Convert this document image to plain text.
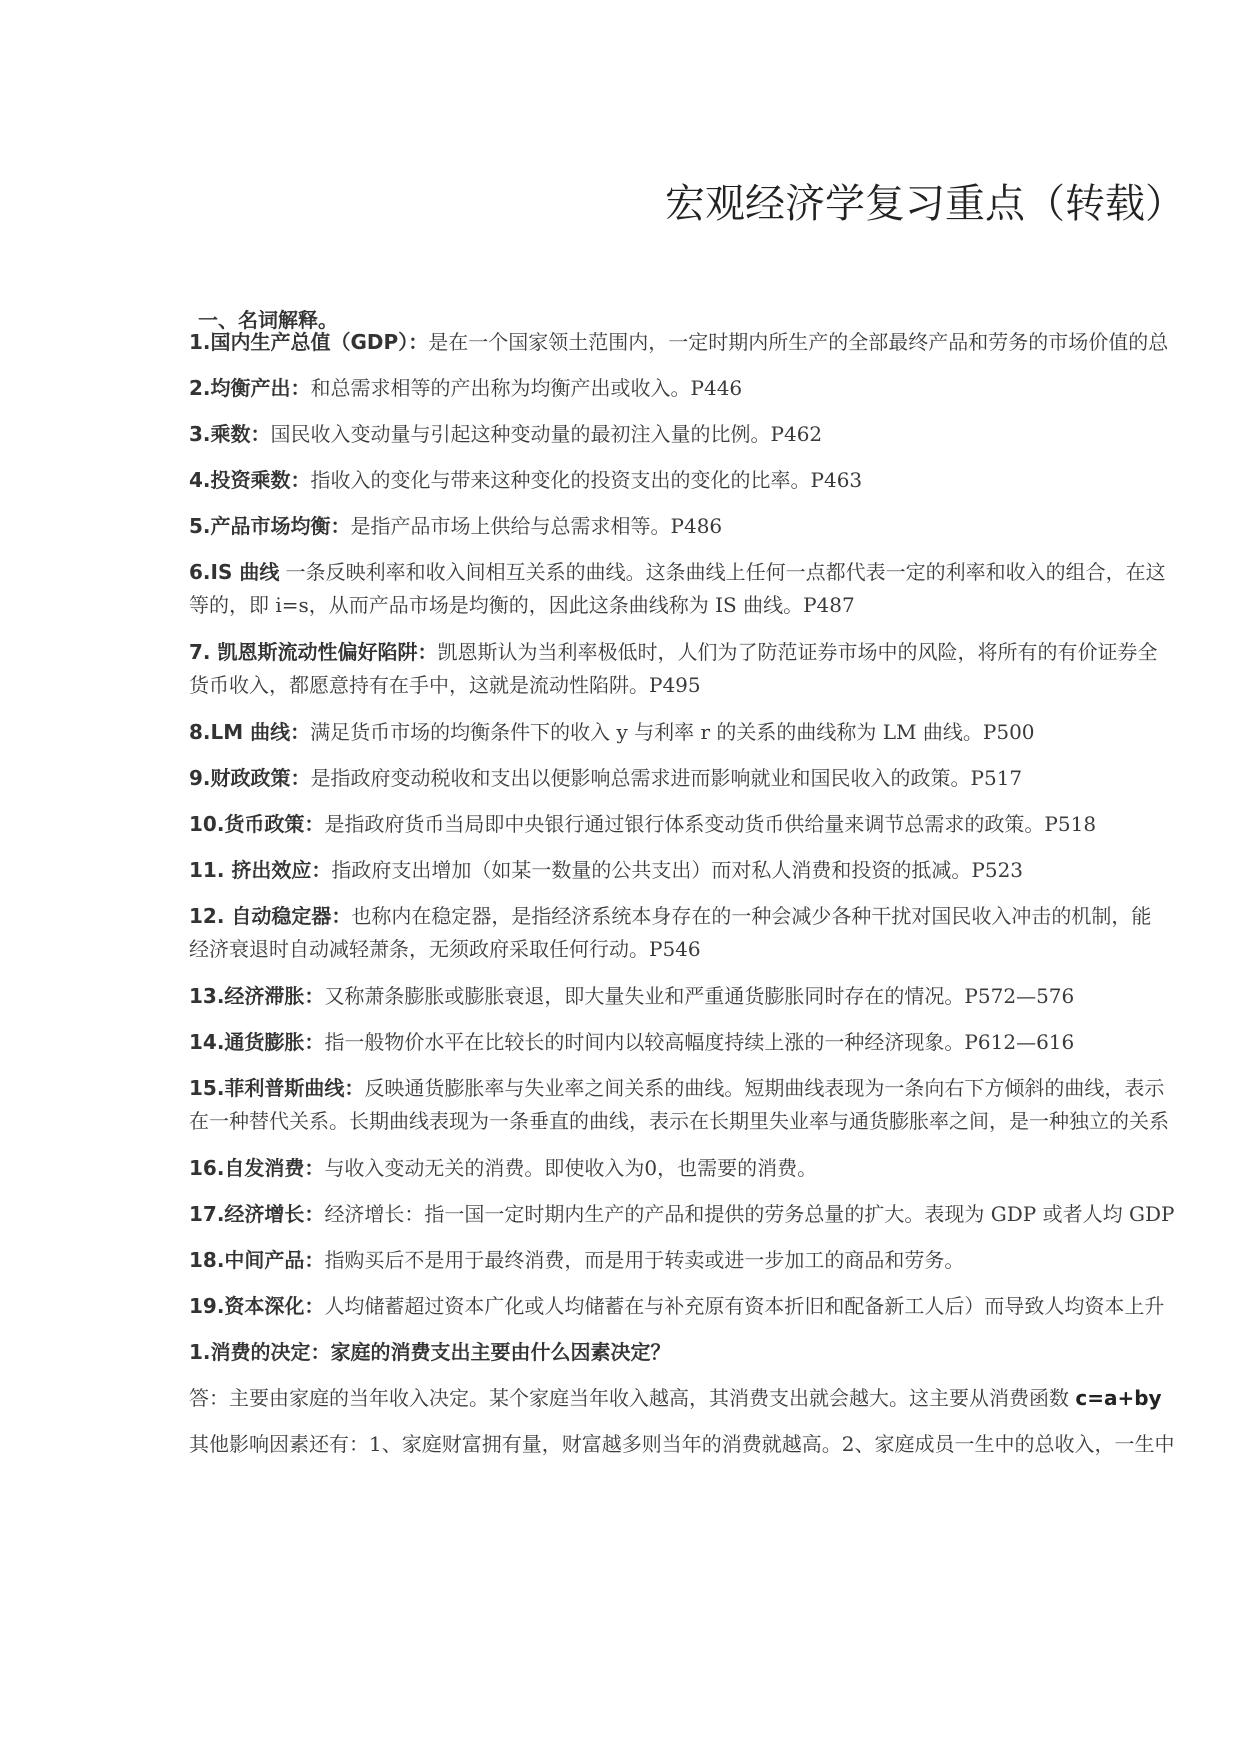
宏观经济学复习重点（转载）
一、名词解释。
1.国内生产总值（GDP）：是在一个国家领土范围内，一定时期内所生产的全部最终产品和劳务的市场价值的总
2.均衡产出：和总需求相等的产出称为均衡产出或收入。P446
3.乘数：国民收入变动量与引起这种变动量的最初注入量的比例。P462
4.投资乘数：指收入的变化与带来这种变化的投资支出的变化的比率。P463
5.产品市场均衡：是指产品市场上供给与总需求相等。P486
6.IS 曲线 一条反映利率和收入间相互关系的曲线。这条曲线上任何一点都代表一定的利率和收入的组合，在这
等的，即 i=s，从而产品市场是均衡的，因此这条曲线称为 IS 曲线。P487
7. 凯恩斯流动性偏好陷阱：凯恩斯认为当利率极低时，人们为了防范证券市场中的风险，将所有的有价证券全
货币收入，都愿意持有在手中，这就是流动性陷阱。P495
8.LM 曲线：满足货币市场的均衡条件下的收入 y 与利率 r 的关系的曲线称为 LM 曲线。P500
9.财政政策：是指政府变动税收和支出以便影响总需求进而影响就业和国民收入的政策。P517
10.货币政策：是指政府货币当局即中央银行通过银行体系变动货币供给量来调节总需求的政策。P518
11. 挤出效应：指政府支出增加（如某一数量的公共支出）而对私人消费和投资的抵减。P523
12. 自动稳定器：也称内在稳定器，是指经济系统本身存在的一种会减少各种干扰对国民收入冲击的机制，能
经济衰退时自动减轻萧条，无须政府采取任何行动。P546
13.经济滞胀：又称萧条膨胀或膨胀衰退，即大量失业和严重通货膨胀同时存在的情况。P572—576
14.通货膨胀：指一般物价水平在比较长的时间内以较高幅度持续上涨的一种经济现象。P612—616
15.菲利普斯曲线：反映通货膨胀率与失业率之间关系的曲线。短期曲线表现为一条向右下方倾斜的曲线，表示
在一种替代关系。长期曲线表现为一条垂直的曲线，表示在长期里失业率与通货膨胀率之间，是一种独立的关系
16.自发消费：与收入变动无关的消费。即使收入为0，也需要的消费。
17.经济增长：经济增长：指一国一定时期内生产的产品和提供的劳务总量的扩大。表现为 GDP 或者人均 GDP
18.中间产品：指购买后不是用于最终消费，而是用于转卖或进一步加工的商品和劳务。
19.资本深化：人均储蓄超过资本广化或人均储蓄在与补充原有资本折旧和配备新工人后）而导致人均资本上升
1.消费的决定：家庭的消费支出主要由什么因素决定？
答：主要由家庭的当年收入决定。某个家庭当年收入越高，其消费支出就会越大。这主要从消费函数 c=a+by
其他影响因素还有：1、家庭财富拥有量，财富越多则当年的消费就越高。2、家庭成员一生中的总收入，一生中
